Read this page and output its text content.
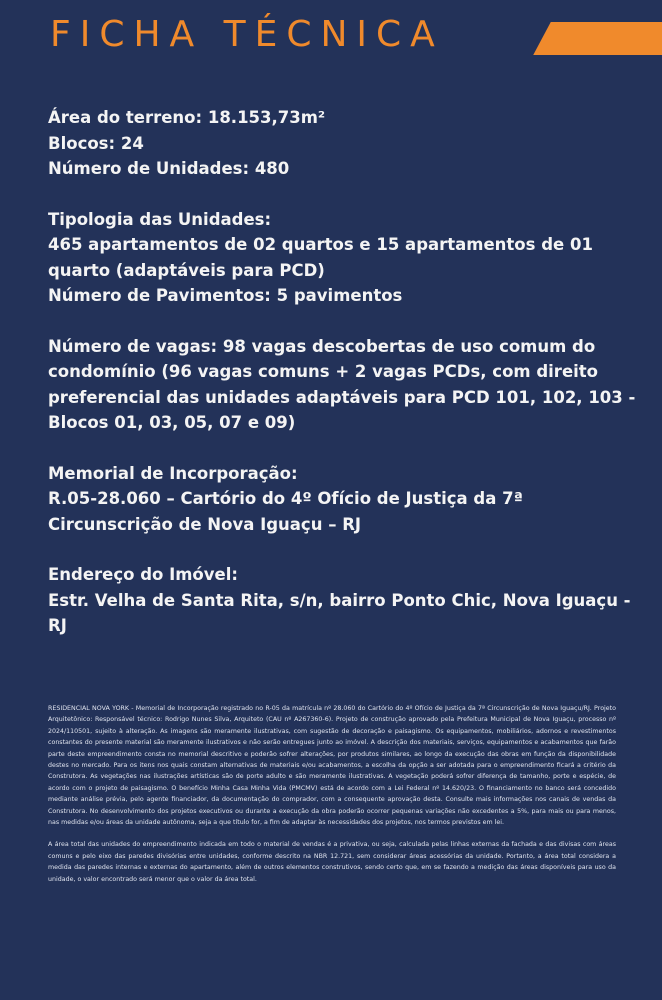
FICHA TÉCNICA

Área do terreno: 18.153,73m²

Blocos: 24

Número de Unidades: 480

Tipologia das Unidades:

465 apartamentos de 02 quartos e 15 apartamentos de 01 quarto (adaptáveis para PCD)

Número de Pavimentos: 5 pavimentos

Número de vagas: 98 vagas descobertas de uso comum do condomínio (96 vagas comuns + 2 vagas PCDs, com direito preferencial das unidades adaptáveis para PCD 101, 102, 103 - Blocos 01, 03, 05, 07 e 09)

Memorial de Incorporação:

R.05-28.060 – Cartório do 4º Ofício de Justiça da 7ª Circunscrição de Nova Iguaçu – RJ

Endereço do Imóvel:

Estr. Velha de Santa Rita, s/n, bairro Ponto Chic, Nova Iguaçu - RJ

RESIDENCIAL NOVA YORK - Memorial de Incorporação registrado no R-05 da matrícula nº 28.060 do Cartório do 4º Ofício de Justiça da 7ª Circunscrição de Nova Iguaçu/RJ. Projeto Arquitetônico: Responsável técnico: Rodrigo Nunes Silva, Arquiteto (CAU nº A267360-6). Projeto de construção aprovado pela Prefeitura Municipal de Nova Iguaçu, processo nº 2024/110501, sujeito à alteração. As imagens são meramente ilustrativas, com sugestão de decoração e paisagismo. Os equipamentos, mobiliários, adornos e revestimentos constantes do presente material são meramente ilustrativos e não serão entregues junto ao imóvel. A descrição dos materiais, serviços, equipamentos e acabamentos que farão parte deste empreendimento consta no memorial descritivo e poderão sofrer alterações, por produtos similares, ao longo da execução das obras em função da disponibilidade destes no mercado. Para os itens nos quais constam alternativas de materiais e/ou acabamentos, a escolha da opção a ser adotada para o empreendimento ficará a critério da Construtora. As vegetações nas ilustrações artísticas são de porte adulto e são meramente ilustrativas. A vegetação poderá sofrer diferença de tamanho, porte e espécie, de acordo com o projeto de paisagismo. O benefício Minha Casa Minha Vida (PMCMV) está de acordo com a Lei Federal nº 14.620/23. O financiamento no banco será concedido mediante análise prévia, pelo agente financiador, da documentação do comprador, com a consequente aprovação desta. Consulte mais informações nos canais de vendas da Construtora. No desenvolvimento dos projetos executivos ou durante a execução da obra poderão ocorrer pequenas variações não excedentes a 5%, para mais ou para menos, nas medidas e/ou áreas da unidade autônoma, seja a que título for, a fim de adaptar às necessidades dos projetos, nos termos previstos em lei.

A área total das unidades do empreendimento indicada em todo o material de vendas é a privativa, ou seja, calculada pelas linhas externas da fachada e das divisas com áreas comuns e pelo eixo das paredes divisórias entre unidades, conforme descrito na NBR 12.721, sem considerar áreas acessórias da unidade. Portanto, a área total considera a medida das paredes internas e externas do apartamento, além de outros elementos construtivos, sendo certo que, em se fazendo a medição das áreas disponíveis para uso da unidade, o valor encontrado será menor que o valor da área total.
